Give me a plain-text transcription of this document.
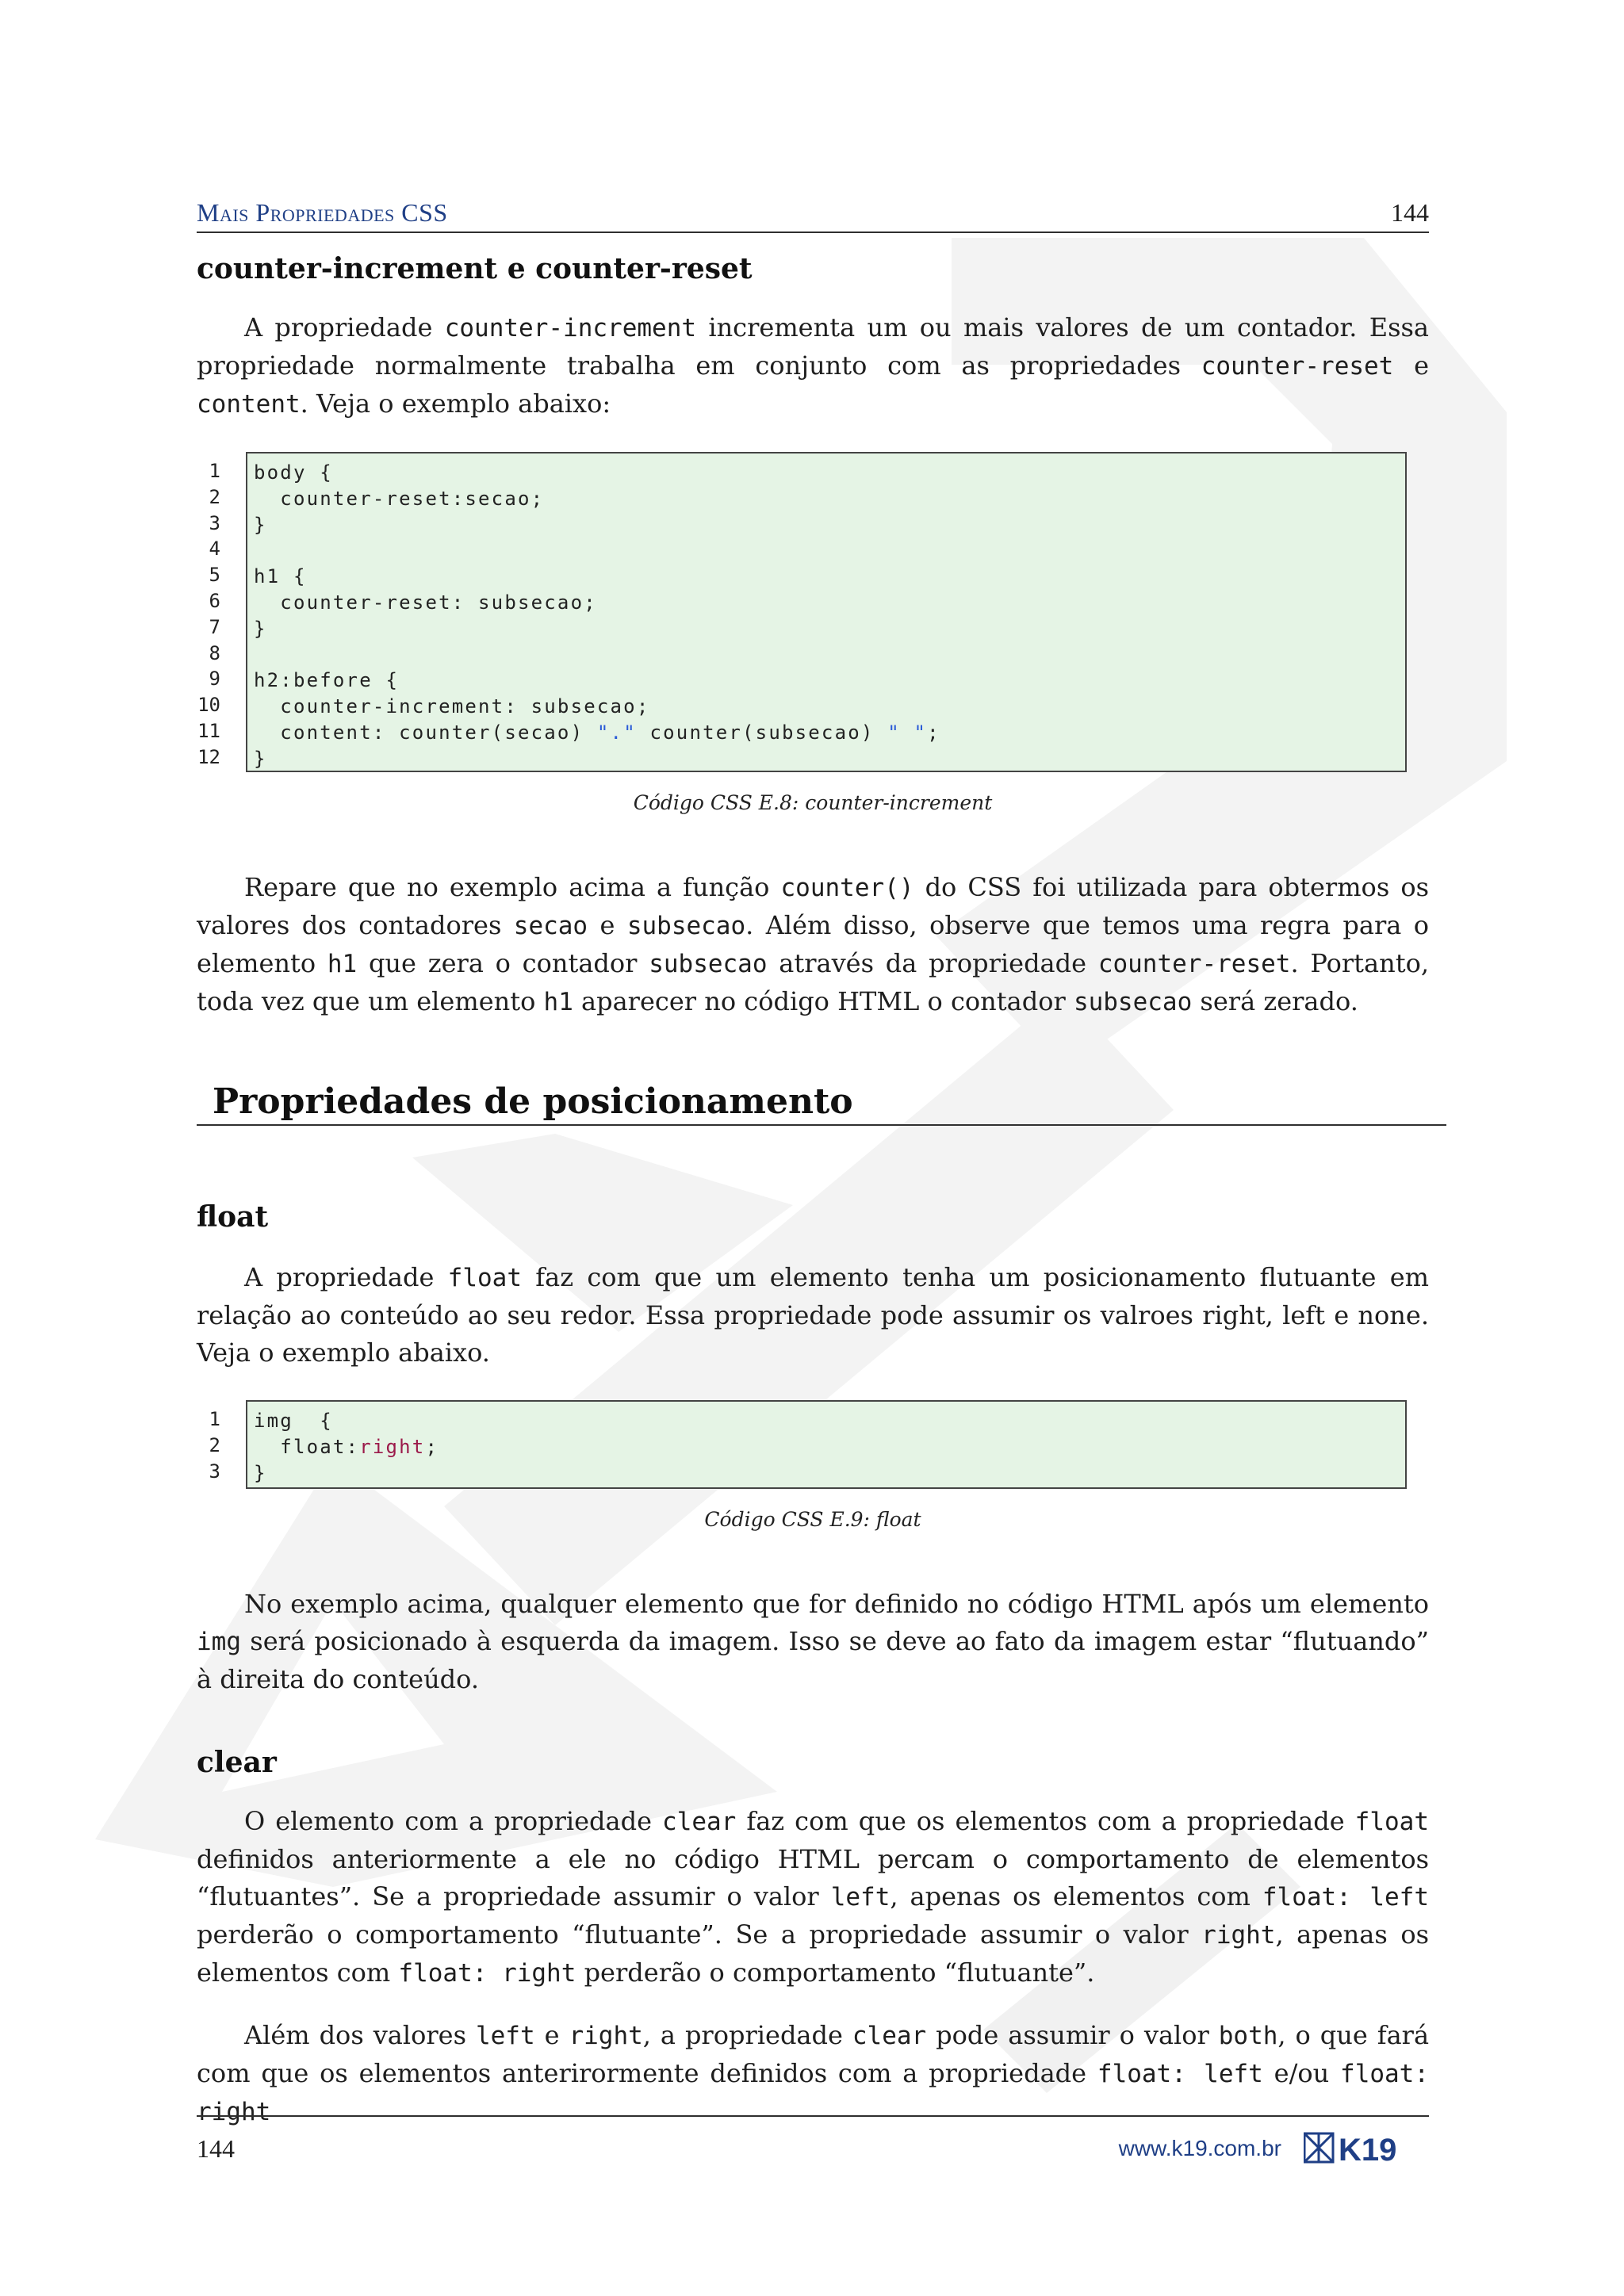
Mais Propriedades CSS	144
counter-increment e counter-reset

A propriedade counter-increment incrementa um ou mais valores de um contador. Essa propriedade normalmente trabalha em conjunto com as propriedades counter-reset e content. Veja o exemplo abaixo:

1
2
3
4
5
6
7
8
9
10
11
12
body {
counter-reset:secao;
}
h1 {
counter-reset: subsecao;
}
h2:before {
counter-increment: subsecao;
content: counter(secao) "." counter(subsecao) " ";
}
Código CSS E.8: counter-increment

Repare que no exemplo acima a função counter() do CSS foi utilizada para obtermos os valores dos contadores secao e subsecao. Além disso, observe que temos uma regra para o elemento h1 que zera o contador subsecao através da propriedade counter-reset. Portanto, toda vez que um elemento h1 aparecer no código HTML o contador subsecao será zerado.

Propriedades de posicionamento
float

A propriedade float faz com que um elemento tenha um posicionamento flutuante em relação ao conteúdo ao seu redor. Essa propriedade pode assumir os valroes right, left e none. Veja o exemplo abaixo.

1
2
3
img  {
float:right;
}
Código CSS E.9: float

No exemplo acima, qualquer elemento que for definido no código HTML após um elemento img será posicionado à esquerda da imagem. Isso se deve ao fato da imagem estar “flutuando” à direita do conteúdo.

clear

O elemento com a propriedade clear faz com que os elementos com a propriedade float definidos anteriormente a ele no código HTML percam o comportamento de elementos “flutuantes”. Se a propriedade assumir o valor left, apenas os elementos com float: left perderão o comportamento “flutuante”. Se a propriedade assumir o valor right, apenas os elementos com float: right perderão o comportamento “flutuante”.

Além dos valores left e right, a propriedade clear pode assumir o valor both, o que fará com que os elementos anterirormente definidos com a propriedade float: left e/ou float: right

144	www.k19.com.br K19
